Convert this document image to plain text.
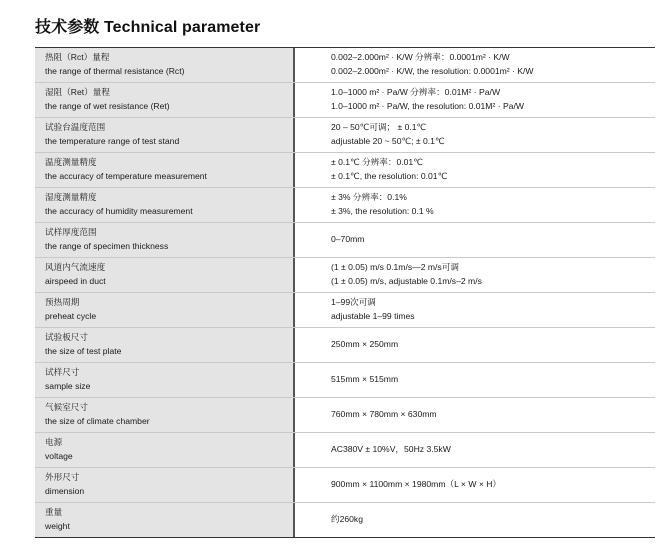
技术参数 Technical parameter
热阻（Rct）量程
the range of thermal resistance (Rct)
0.002–2.000m² · K/W 分辨率：0.0001m² · K/W
0.002–2.000m² · K/W, the resolution: 0.0001m² · K/W
湿阻（Ret）量程
the range of wet resistance (Ret)
1.0–1000 m² · Pa/W 分辨率：0.01M² · Pa/W
1.0–1000 m² · Pa/W, the resolution: 0.01M² · Pa/W
试验台温度范围
the temperature range of test stand
20 – 50℃可调； ± 0.1℃
adjustable 20 ~ 50℃; ± 0.1℃
温度测量精度
the accuracy of temperature measurement
± 0.1℃ 分辨率：0.01℃
± 0.1℃, the resolution: 0.01℃
湿度测量精度
the accuracy of humidity measurement
± 3% 分辨率：0.1%
± 3%, the resolution: 0.1 %
试样厚度范围
the range of specimen thickness
0–70mm
风道内气流速度
airspeed in duct
(1 ± 0.05) m/s 0.1m/s—2 m/s可调
(1 ± 0.05) m/s, adjustable 0.1m/s–2 m/s
预热周期
preheat cycle
1–99次可调
adjustable 1–99 times
试验板尺寸
the size of test plate
250mm × 250mm
试样尺寸
sample size
515mm × 515mm
气候室尺寸
the size of climate chamber
760mm × 780mm × 630mm
电源
voltage
AC380V ± 10%V，50Hz 3.5kW
外形尺寸
dimension
900mm × 1100mm × 1980mm（L × W × H）
重量
weight
约260kg
